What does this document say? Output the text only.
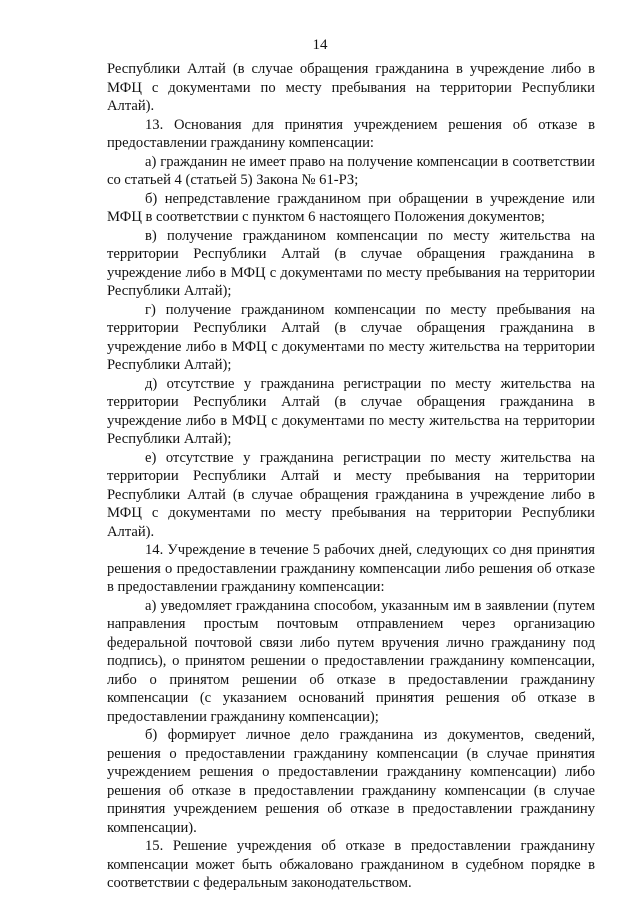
14

Республики Алтай (в случае обращения гражданина в учреждение либо в МФЦ с документами по месту пребывания на территории Республики Алтай).

13. Основания для принятия учреждением решения об отказе в предоставлении гражданину компенсации:

а) гражданин не имеет право на получение компенсации в соответствии со статьей 4 (статьей 5) Закона № 61-РЗ;

б) непредставление гражданином при обращении в учреждение или МФЦ в соответствии с пунктом 6 настоящего Положения документов;

в) получение гражданином компенсации по месту жительства на территории Республики Алтай (в случае обращения гражданина в учреждение либо в МФЦ с документами по месту пребывания на территории Республики Алтай);

г) получение гражданином компенсации по месту пребывания на территории Республики Алтай (в случае обращения гражданина в учреждение либо в МФЦ с документами по месту жительства на территории Республики Алтай);

д) отсутствие у гражданина регистрации по месту жительства на территории Республики Алтай (в случае обращения гражданина в учреждение либо в МФЦ с документами по месту жительства на территории Республики Алтай);

е) отсутствие у гражданина регистрации по месту жительства на территории Республики Алтай и месту пребывания на территории Республики Алтай (в случае обращения гражданина в учреждение либо в МФЦ с документами по месту пребывания на территории Республики Алтай).

14. Учреждение в течение 5 рабочих дней, следующих со дня принятия решения о предоставлении гражданину компенсации либо решения об отказе в предоставлении гражданину компенсации:

а) уведомляет гражданина способом, указанным им в заявлении (путем направления простым почтовым отправлением через организацию федеральной почтовой связи либо путем вручения лично гражданину под подпись), о принятом решении о предоставлении гражданину компенсации, либо о принятом решении об отказе в предоставлении гражданину компенсации (с указанием оснований принятия решения об отказе в предоставлении гражданину компенсации);

б) формирует личное дело гражданина из документов, сведений, решения о предоставлении гражданину компенсации (в случае принятия учреждением решения о предоставлении гражданину компенсации) либо решения об отказе в предоставлении гражданину компенсации (в случае принятия учреждением решения об отказе в предоставлении гражданину компенсации).

15. Решение учреждения об отказе в предоставлении гражданину компенсации может быть обжаловано гражданином в судебном порядке в соответствии с федеральным законодательством.
